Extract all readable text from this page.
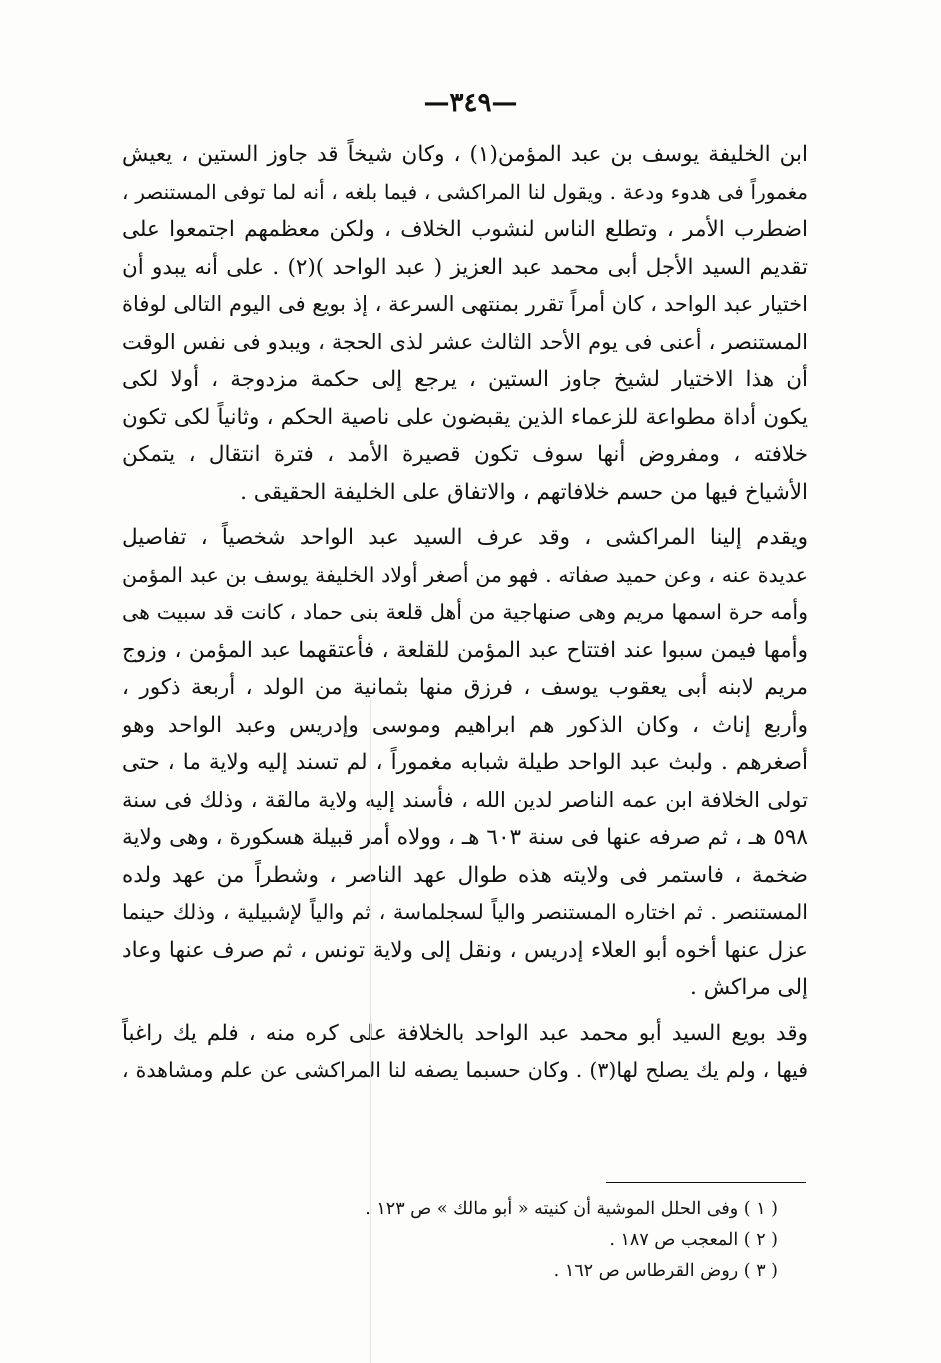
—٣٤٩—
ابن الخليفة يوسف بن عبد المؤمن(١) ، وكان شيخاً قد جاوز الستين ، يعيش
مغموراً فى هدوء ودعة . ويقول لنا المراكشى ، فيما بلغه ، أنه لما توفى المستنصر ،
اضطرب الأمر ، وتطلع الناس لنشوب الخلاف ، ولكن معظمهم اجتمعوا على
تقديم السيد الأجل أبى محمد عبد العزيز ( عبد الواحد )(٢) . على أنه يبدو أن
اختيار عبد الواحد ، كان أمراً تقرر بمنتهى السرعة ، إذ بويع فى اليوم التالى لوفاة
المستنصر ، أعنى فى يوم الأحد الثالث عشر لذى الحجة ، ويبدو فى نفس الوقت
أن هذا الاختيار لشيخ جاوز الستين ، يرجع إلى حكمة مزدوجة ، أولا لكى
يكون أداة مطواعة للزعماء الذين يقبضون على ناصية الحكم ، وثانياً لكى تكون
خلافته ، ومفروض أنها سوف تكون قصيرة الأمد ، فترة انتقال ، يتمكن
الأشياخ فيها من حسم خلافاتهم ، والاتفاق على الخليفة الحقيقى .
ويقدم إلينا المراكشى ، وقد عرف السيد عبد الواحد شخصياً ، تفاصيل
عديدة عنه ، وعن حميد صفاته . فهو من أصغر أولاد الخليفة يوسف بن عبد المؤمن
وأمه حرة اسمها مريم وهى صنهاجية من أهل قلعة بنى حماد ، كانت قد سبيت هى
وأمها فيمن سبوا عند افتتاح عبد المؤمن للقلعة ، فأعتقهما عبد المؤمن ، وزوج
مريم لابنه أبى يعقوب يوسف ، فرزق منها بثمانية من الولد ، أربعة ذكور ،
وأربع إناث ، وكان الذكور هم ابراهيم وموسى وإدريس وعبد الواحد وهو
أصغرهم . ولبث عبد الواحد طيلة شبابه مغموراً ، لم تسند إليه ولاية ما ، حتى
تولى الخلافة ابن عمه الناصر لدين الله ، فأسند إليه ولاية مالقة ، وذلك فى سنة
٥٩٨ هـ ، ثم صرفه عنها فى سنة ٦٠٣ هـ ، وولاه أمر قبيلة هسكورة ، وهى ولاية
ضخمة ، فاستمر فى ولايته هذه طوال عهد الناصر ، وشطراً من عهد ولده
المستنصر . ثم اختاره المستنصر والياً لسجلماسة ، ثم والياً لإشبيلية ، وذلك حينما
عزل عنها أخوه أبو العلاء إدريس ، ونقل إلى ولاية تونس ، ثم صرف عنها وعاد
إلى مراكش .
وقد بويع السيد أبو محمد عبد الواحد بالخلافة على كره منه ، فلم يك راغباً
فيها ، ولم يك يصلح لها(٣) . وكان حسبما يصفه لنا المراكشى عن علم ومشاهدة ،
( ١ ) وفى الحلل الموشية أن كنيته « أبو مالك » ص ١٢٣ .
( ٢ ) المعجب ص ١٨٧ .
( ٣ ) روض القرطاس ص ١٦٢ .
